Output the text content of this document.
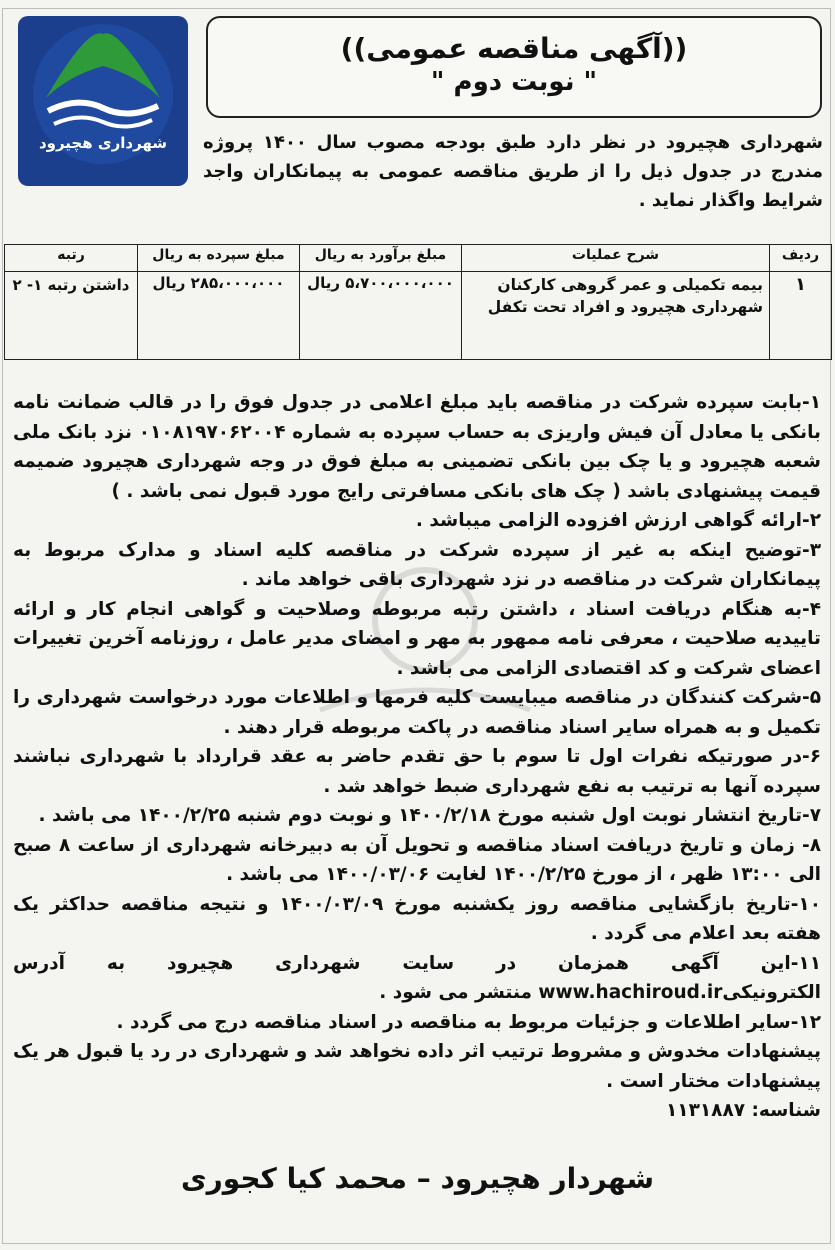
شهرداری هچیرود
((آگهی مناقصه عمومی))
" نوبت دوم "
شهرداری هچیرود در نظر دارد طبق بودجه مصوب سال ۱۴۰۰ پروژه مندرج در جدول ذیل را از طریق مناقصه عمومی به پیمانکاران واجد شرایط واگذار نماید .
ردیف	شرح عملیات	مبلغ برآورد به ریال	مبلغ سپرده به ریال	رتبه
۱	بیمه تکمیلی و عمر گروهی کارکنان شهرداری هچیرود و افراد تحت تکفل	۵،۷۰۰،۰۰۰،۰۰۰ ریال	۲۸۵،۰۰۰،۰۰۰ ریال	داشتن رتبه ۱- ۲

۱-بابت سپرده شرکت در مناقصه باید مبلغ اعلامی در جدول فوق را در قالب ضمانت نامه بانکی یا معادل آن فیش واریزی به حساب سپرده به شماره ۰۱۰۸۱۹۷۰۶۲۰۰۴ نزد بانک ملی شعبه هچیرود و یا چک بین بانکی تضمینی به مبلغ فوق در وجه شهرداری هچیرود ضمیمه قیمت پیشنهادی باشد ( چک های بانکی مسافرتی رایج مورد قبول نمی باشد . )

۲-ارائه گواهی ارزش افزوده الزامی میباشد .

۳-توضیح اینکه به غیر از سپرده شرکت در مناقصه کلیه اسناد و مدارک مربوط به پیمانکاران شرکت در مناقصه در نزد شهرداری باقی خواهد ماند .

۴-به هنگام دریافت اسناد ، داشتن رتبه مربوطه وصلاحیت و گواهی انجام کار و ارائه تاییدیه صلاحیت ، معرفی نامه ممهور به مهر و امضای مدیر عامل ، روزنامه آخرین تغییرات اعضای شرکت و کد اقتصادی الزامی می باشد .

۵-شرکت کنندگان در مناقصه میبایست کلیه فرمها و اطلاعات مورد درخواست شهرداری را تکمیل و به همراه سایر اسناد مناقصه در پاکت مربوطه قرار دهند .

۶-در صورتیکه نفرات اول تا سوم با حق تقدم حاضر به عقد قرارداد با شهرداری نباشند سپرده آنها به ترتیب به نفع شهرداری ضبط خواهد شد .

۷-تاریخ انتشار نوبت اول شنبه مورخ ۱۴۰۰/۲/۱۸ و نوبت دوم شنبه ۱۴۰۰/۲/۲۵ می باشد .

۸- زمان و تاریخ دریافت اسناد مناقصه و تحویل آن به دبیرخانه شهرداری از ساعت ۸ صبح الی ۱۳:۰۰ ظهر ، از مورخ ۱۴۰۰/۲/۲۵ لغایت ۱۴۰۰/۰۳/۰۶ می باشد .

۱۰-تاریخ بازگشایی مناقصه روز یکشنبه مورخ ۱۴۰۰/۰۳/۰۹ و نتیجه مناقصه حداکثر یک هفته بعد اعلام می گردد .

۱۱-این آگهی همزمان در سایت شهرداری هچیرود به آدرس الکترونیکیwww.hachiroud.ir منتشر می شود .

۱۲-سایر اطلاعات و جزئیات مربوط به مناقصه در اسناد مناقصه درج می گردد .

پیشنهادات مخدوش و مشروط ترتیب اثر داده نخواهد شد و شهرداری در رد یا قبول هر یک پیشنهادات مختار است .

شناسه: ۱۱۳۱۸۸۷

شهردار هچیرود – محمد کیا کجوری
